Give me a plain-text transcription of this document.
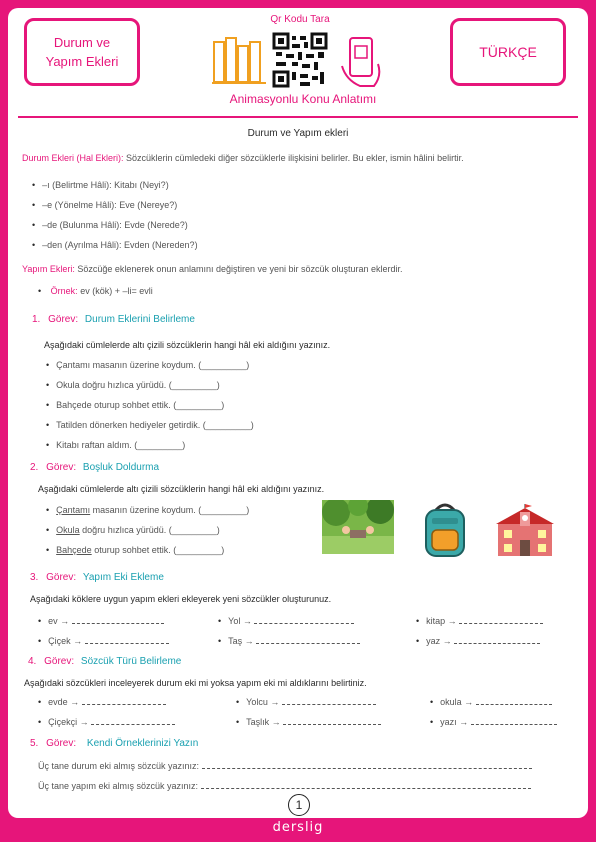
Durum ve Yapım Ekleri
TÜRKÇE
Qr Kodu Tara
Animasyonlu Konu Anlatımı
Durum ve Yapım ekleri
Durum Ekleri (Hal Ekleri): Sözcüklerin cümledeki diğer sözcüklerle ilişkisini belirler. Bu ekler, ismin hâlini belirtir.
• –ı (Belirtme Hâli): Kitabı (Neyi?)
• –e (Yönelme Hâli): Eve (Nereye?)
• –de (Bulunma Hâli): Evde (Nerede?)
• –den (Ayrılma Hâli): Evden (Nereden?)
Yapım Ekleri: Sözcüğe eklenerek onun anlamını değiştiren ve yeni bir sözcük oluşturan eklerdir.
• Örnek: ev (kök) + –li= evli
1. Görev: Durum Eklerini Belirleme
Aşağıdaki cümlelerde altı çizili sözcüklerin hangi hâl eki aldığını yazınız.
• Çantamı masanın üzerine koydum. (_________)
• Okula doğru hızlıca yürüdü. (_________)
• Bahçede oturup sohbet ettik. (_________)
• Tatilden dönerken hediyeler getirdik. (_________)
• Kitabı raftan aldım. (_________)
2. Görev: Boşluk Doldurma
Aşağıdaki cümlelerde altı çizili sözcüklerin hangi hâl eki aldığını yazınız.
• Çantamı masanın üzerine koydum. (_________)
• Okula doğru hızlıca yürüdü. (_________)
• Bahçede oturup sohbet ettik. (_________)
3. Görev: Yapım Eki Ekleme
Aşağıdaki köklere uygun yapım ekleri ekleyerek yeni sözcükler oluşturunuz.
• ev →	• Yol →	• kitap →
• Çiçek →	• Taş →	• yaz →
4. Görev: Sözcük Türü Belirleme
Aşağıdaki sözcükleri inceleyerek durum eki mi yoksa yapım eki mi aldıklarını belirtiniz.
• evde →	• Yolcu →	• okula →
• Çiçekçi →	• Taşlık →	• yazı →
5. Görev: Kendi Örneklerinizi Yazın
Üç tane durum eki almış sözcük yazınız:
Üç tane yapım eki almış sözcük yazınız:
1
derslig
